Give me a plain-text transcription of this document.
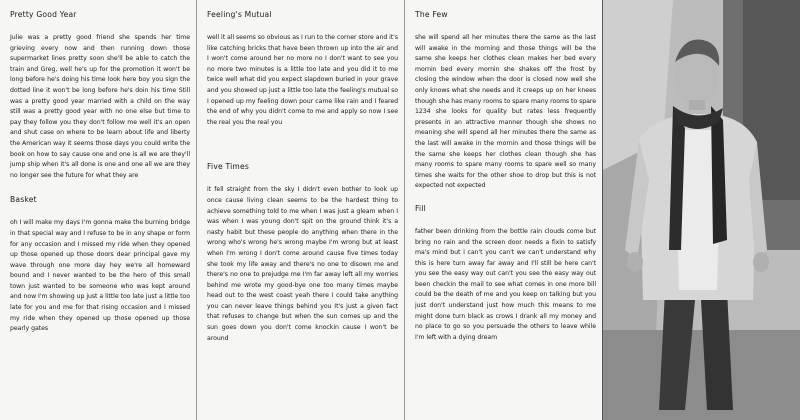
Pretty Good Year

Julie was a pretty good friend she spends her time grieving every now and then running down those supermarket lines pretty soon she'll be able to catch the train and Greg, well he's up for the promotion it won't be long before he's doing his time look here boy you sign the dotted line it won't be long before he's doin his time Still was a pretty good year married with a child on the way still was a pretty good year with no one else but time to pay they follow you they don't follow me well it's an open and shut case on where to be learn about life and liberty the American way it seems those days you could write the book on how to say cause one and one is all we are they'll jump ship when it's all done is one and one all we are they no longer see the future for what they are

Basket

oh I will make my days I'm gonna make the burning bridge in that special way and I refuse to be in any shape or form for any occasion and I missed my ride when they opened up those opened up those doors dear principal gave my wave through one more day hey we're all homeward bound and I never wanted to be the hero of this small town just wanted to be someone who was kept around and now I'm showing up just a little too late just a little too late for you and me for that rising occasion and I missed my ride when they opened up those opened up those pearly gates

Feeling's Mutual

well it all seems so obvious as I run to the corner store and it's like catching bricks that have been thrown up into the air and I won't come around her no more no I don't want to see you no more two minutes is a little too late and you did it to me twice well what did you expect slapdown buried in your grave and you showed up just a little too late the feeling's mutual so I opened up my feeling down pour came like rain and I feared the end of why you didn't come to me and apply so now I see the real you the real you

Five Times

it fell straight from the sky I didn't even bother to look up once cause living clean seems to be the hardest thing to achieve something told to me when I was just a gleam when I was when I was young don't spit on the ground think it's a nasty habit but these people do anything when there in the wrong who's wrong he's wrong maybe I'm wrong but at least when I'm wrong I don't come around cause five times today she took my life away and there's no one to disown me and there's no one to prejudge me I'm far away left all my worries behind me wrote my good-bye one too many times maybe head out to the west coast yeah there I could take anything you can never leave things behind you It's just a given fact that refuses to change but when the sun comes up and the sun goes down you don't come knockin cause I won't be around

The Few

she will spend all her minutes there the same as the last will awake in the morning and those things will be the same she keeps her clothes clean makes her bed every mornin bed every mornin she shakes off the frost by closing the window when the door is closed now well she only knows what she needs and it creeps up on her knees though she has many rooms to spare many rooms to spare 1234 she looks for quality but rates less frequently presents in an attractive manner though she shows no meaning she will spend all her minutes there the same as the last will awake in the mornin and those things will be the same she keeps her clothes clean though she has many rooms to spare many rooms to spare well so many times she waits for the other shoe to drop but this is not expected not expected

Fill

father been drinking from the bottle rain clouds come but bring no rain and the screen door needs a fixin to satisfy ma's mind but I can't you can't we can't understand why this is here turn away far away and I'll still be here can't you see the easy way out can't you see the easy way out been checkin the mail to see what comes in one more bill could be the death of me and you keep on talking but you just don't understand just how much this means to me might done turn black as crows I drank all my money and no place to go so you persuade the others to leave while I'm left with a dying dream
